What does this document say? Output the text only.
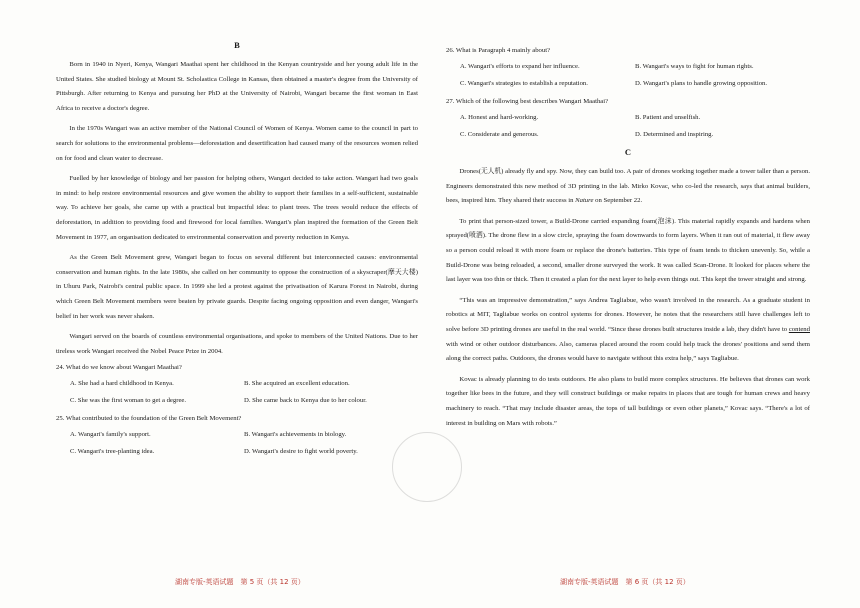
B

Born in 1940 in Nyeri, Kenya, Wangari Maathai spent her childhood in the Kenyan countryside and her young adult life in the United States. She studied biology at Mount St. Scholastica College in Kansas, then obtained a master's degree from the University of Pittsburgh. After returning to Kenya and pursuing her PhD at the University of Nairobi, Wangari became the first woman in East Africa to receive a doctor's degree.

In the 1970s Wangari was an active member of the National Council of Women of Kenya. Women came to the council in part to search for solutions to the environmental problems—deforestation and desertification had caused many of the resources women relied on for food and clean water to decrease.

Fuelled by her knowledge of biology and her passion for helping others, Wangari decided to take action. Wangari had two goals in mind: to help restore environmental resources and give women the ability to support their families in a self-sufficient, sustainable way. To achieve her goals, she came up with a practical but impactful idea: to plant trees. The trees would reduce the effects of deforestation, in addition to providing food and firewood for local families. Wangari's plan inspired the formation of the Green Belt Movement in 1977, an organisation dedicated to environmental conservation and poverty reduction in Kenya.

As the Green Belt Movement grew, Wangari began to focus on several different but interconnected causes: environmental conservation and human rights. In the late 1980s, she called on her community to oppose the construction of a skyscraper(摩天大楼) in Uhuru Park, Nairobi's central public space. In 1999 she led a protest against the privatisation of Karura Forest in Nairobi, during which Green Belt Movement members were beaten by private guards. Despite facing ongoing opposition and even danger, Wangari's belief in her work was never shaken.

Wangari served on the boards of countless environmental organisations, and spoke to members of the United Nations. Due to her tireless work Wangari received the Nobel Peace Prize in 2004.

24. What do we know about Wangari Maathai?
A. She had a hard childhood in Kenya.	B. She acquired an excellent education.
C. She was the first woman to get a degree.	D. She came back to Kenya due to her colour.
25. What contributed to the foundation of the Green Belt Movement?
A. Wangari's family's support.	B. Wangari's achievements in biology.
C. Wangari's tree-planting idea.	D. Wangari's desire to fight world poverty.
26. What is Paragraph 4 mainly about?
A. Wangari's efforts to expand her influence.	B. Wangari's ways to fight for human rights.
C. Wangari's strategies to establish a reputation.	D. Wangari's plans to handle growing opposition.
27. Which of the following best describes Wangari Maathai?
A. Honest and hard-working.	B. Patient and unselfish.
C. Considerate and generous.	D. Determined and inspiring.
C

Drones(无人机) already fly and spy. Now, they can build too. A pair of drones working together made a tower taller than a person. Engineers demonstrated this new method of 3D printing in the lab. Mirko Kovac, who co-led the research, says that animal builders, bees, inspired him. They shared their success in Nature on September 22.

To print that person-sized tower, a Build-Drone carried expanding foam(泡沫). This material rapidly expands and hardens when sprayed(喷洒). The drone flew in a slow circle, spraying the foam downwards to form layers. When it ran out of material, it flew away so a person could reload it with more foam or replace the drone's batteries. This type of foam tends to thicken unevenly. So, while a Build-Drone was being reloaded, a second, smaller drone surveyed the work. It was called Scan-Drone. It looked for places where the last layer was too thin or thick. Then it created a plan for the next layer to help even things out. This kept the tower straight and strong.

“This was an impressive demonstration,” says Andrea Tagliabue, who wasn't involved in the research. As a graduate student in robotics at MIT, Tagliabue works on control systems for drones. However, he notes that the researchers still have challenges left to solve before 3D printing drones are useful in the real world. “Since these drones built structures inside a lab, they didn't have to contend with wind or other outdoor disturbances. Also, cameras placed around the room could help track the drones' positions and send them along the correct paths. Outdoors, the drones would have to navigate without this extra help,” says Tagliabue.

Kovac is already planning to do tests outdoors. He also plans to build more complex structures. He believes that drones can work together like bees in the future, and they will construct buildings or make repairs in places that are tough for human crews and heavy machinery to reach. “That may include disaster areas, the tops of tall buildings or even other planets,” Kovac says. “There's a lot of interest in building on Mars with robots.”

湖南专版-英语试题　第 5 页（共 12 页）	湖南专版-英语试题　第 6 页（共 12 页）
